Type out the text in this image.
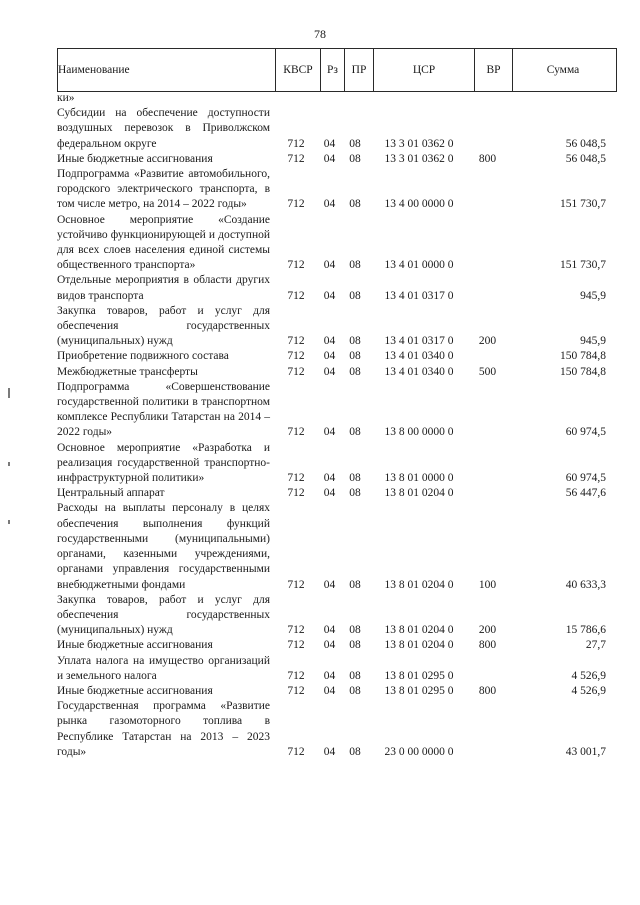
78
Наименование	КВСР	Рз	ПР	ЦСР	ВР	Сумма
ки»						
Субсидии на обеспечение доступности воздушных перевозок в Приволжском федеральном округе	712	04	08	13 3 01 0362 0		56 048,5
Иные бюджетные ассигнования	712	04	08	13 3 01 0362 0	800	56 048,5
Подпрограмма «Развитие автомобильного, городского электрического транспорта, в том числе метро, на 2014 – 2022 годы»	712	04	08	13 4 00 0000 0		151 730,7
Основное мероприятие «Создание устойчиво функционирующей и доступной для всех слоев населения единой системы общественного транспорта»	712	04	08	13 4 01 0000 0		151 730,7
Отдельные мероприятия в области других видов транспорта	712	04	08	13 4 01 0317 0		945,9
Закупка товаров, работ и услуг для обеспечения государственных (муниципальных) нужд	712	04	08	13 4 01 0317 0	200	945,9
Приобретение подвижного состава	712	04	08	13 4 01 0340 0		150 784,8
Межбюджетные трансферты	712	04	08	13 4 01 0340 0	500	150 784,8
Подпрограмма «Совершенствование государственной политики в транспортном комплексе Республики Татарстан на 2014 – 2022 годы»	712	04	08	13 8 00 0000 0		60 974,5
Основное мероприятие «Разработка и реализация государственной транспортно-инфраструктурной политики»	712	04	08	13 8 01 0000 0		60 974,5
Центральный аппарат	712	04	08	13 8 01 0204 0		56 447,6
Расходы на выплаты персоналу в целях обеспечения выполнения функций государственными (муниципальными) органами, казенными учреждениями, органами управления государственными внебюджетными фондами	712	04	08	13 8 01 0204 0	100	40 633,3
Закупка товаров, работ и услуг для обеспечения государственных (муниципальных) нужд	712	04	08	13 8 01 0204 0	200	15 786,6
Иные бюджетные ассигнования	712	04	08	13 8 01 0204 0	800	27,7
Уплата налога на имущество организаций и земельного налога	712	04	08	13 8 01 0295 0		4 526,9
Иные бюджетные ассигнования	712	04	08	13 8 01 0295 0	800	4 526,9
Государственная программа «Развитие рынка газомоторного топлива в Республике Татарстан на 2013 – 2023 годы»	712	04	08	23 0 00 0000 0		43 001,7
